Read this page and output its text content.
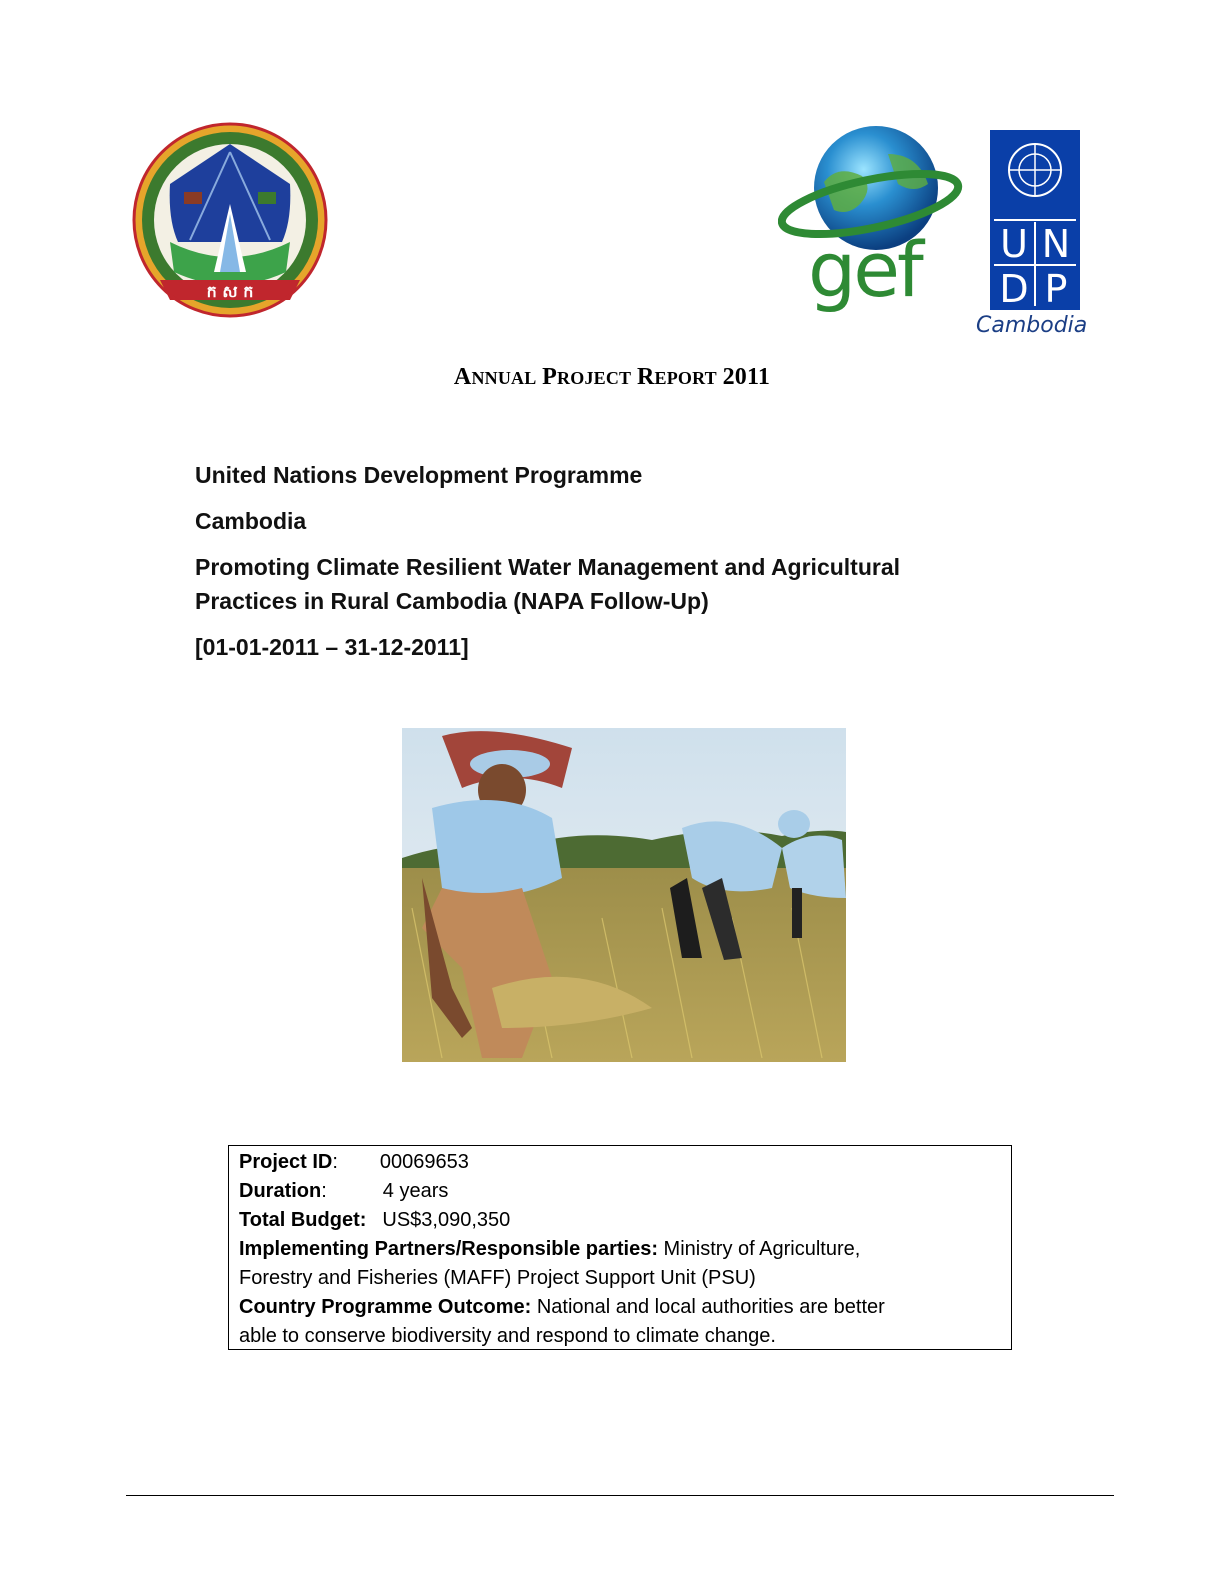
ក ស ក	gef U N
D P
Cambodia
ANNUAL PROJECT REPORT 2011
United Nations Development Programme
Cambodia
Promoting Climate Resilient Water Management and Agricultural
Practices in Rural Cambodia (NAPA Follow-Up)
[01-01-2011 – 31-12-2011]
Project ID: 00069653
Duration:	4 years
Total Budget: US$3,090,350
Implementing Partners/Responsible parties: Ministry of Agriculture,
Forestry and Fisheries (MAFF) Project Support Unit (PSU)
Country Programme Outcome: National and local authorities are better
able to conserve biodiversity and respond to climate change.
